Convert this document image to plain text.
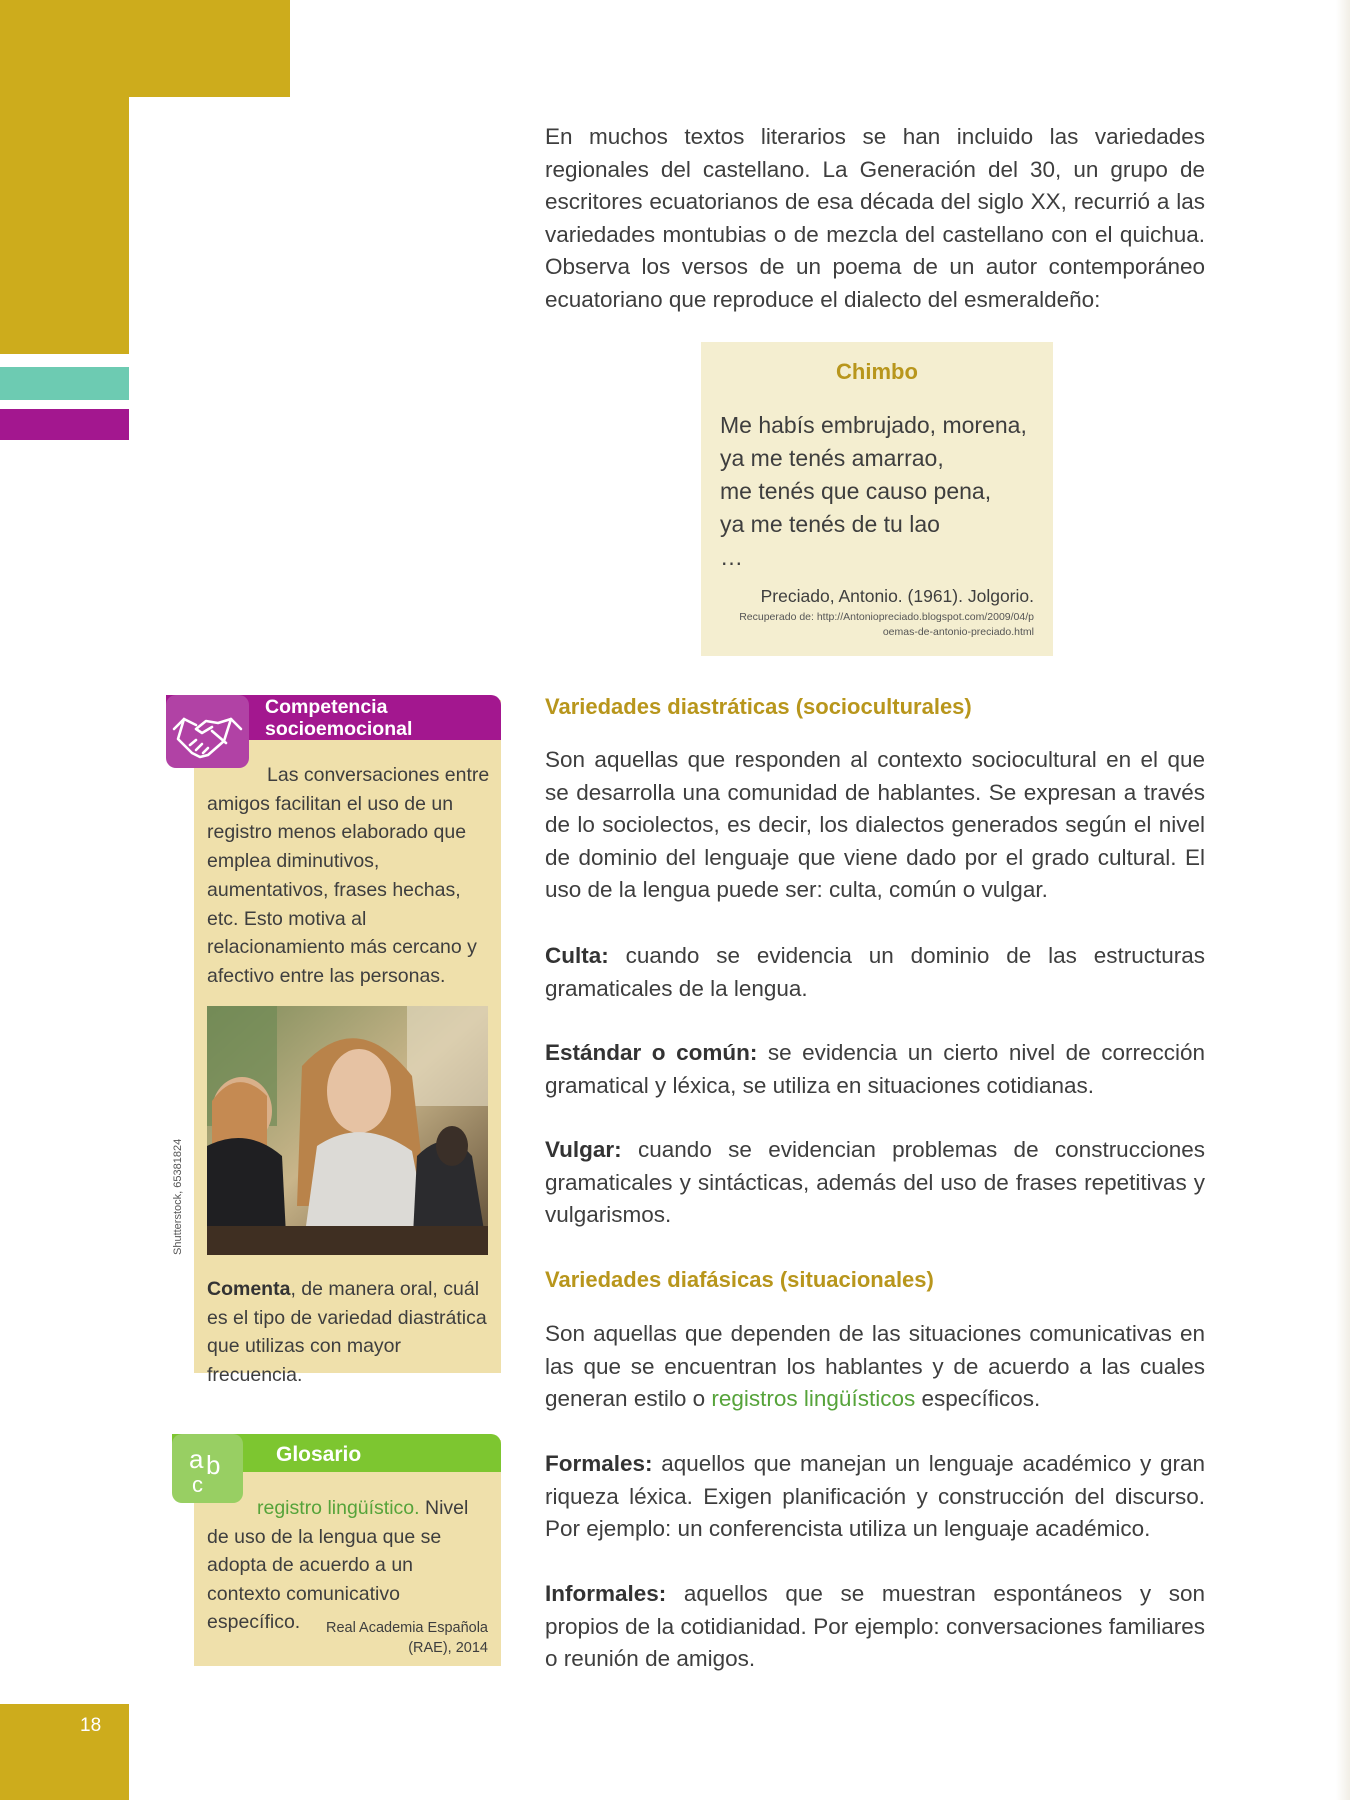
18

En muchos textos literarios se han incluido las variedades regionales del castellano. La Generación del 30, un grupo de escritores ecuatorianos de esa década del siglo XX, recurrió a las variedades montubias o de mezcla del castellano con el quichua. Observa los versos de un poema de un autor contemporáneo ecuatoriano que reproduce el dialecto del esmeraldeño:

Chimbo
Me habís embrujado, morena,
ya me tenés amarrao,
me tenés que causo pena,
ya me tenés de tu lao
…
Preciado, Antonio. (1961). Jolgorio.
Recuperado de: http://Antoniopreciado.blogspot.com/2009/04/poemas-de-antonio-preciado.html
Variedades diastráticas (socioculturales)

Son aquellas que responden al contexto sociocultural en el que se desarrolla una comunidad de hablantes. Se expresan a través de lo sociolectos, es decir, los dialectos generados según el nivel de dominio del lenguaje que viene dado por el grado cultural. El uso de la lengua puede ser: culta, común o vulgar.

Culta: cuando se evidencia un dominio de las estructuras gramaticales de la lengua.

Estándar o común: se evidencia un cierto nivel de corrección gramatical y léxica, se utiliza en situaciones cotidianas.

Vulgar: cuando se evidencian problemas de construcciones gramaticales y sintácticas, además del uso de frases repetitivas y vulgarismos.

Variedades diafásicas (situacionales)

Son aquellas que dependen de las situaciones comunicativas en las que se encuentran los hablantes y de acuerdo a las cuales generan estilo o registros lingüísticos específicos.

Formales: aquellos que manejan un lenguaje académico y gran riqueza léxica. Exigen planificación y construcción del discurso. Por ejemplo: un conferencista utiliza un lenguaje académico.

Informales: aquellos que se muestran espontáneos y son propios de la cotidianidad. Por ejemplo: conversaciones familiares o reunión de amigos.

Competencia socioemocional

Las conversaciones entre amigos facilitan el uso de un registro menos elaborado que emplea diminutivos, aumentativos, frases hechas, etc. Esto motiva al relacionamiento más cercano y afectivo entre las personas.

Shutterstock, 65381824

Comenta, de manera oral, cuál es el tipo de variedad diastrática que utilizas con mayor frecuencia.

a b
c
Glosario

registro lingüístico. Nivel de uso de la lengua que se adopta de acuerdo a un contexto comunicativo específico.	Real Academia Española
(RAE), 2014
